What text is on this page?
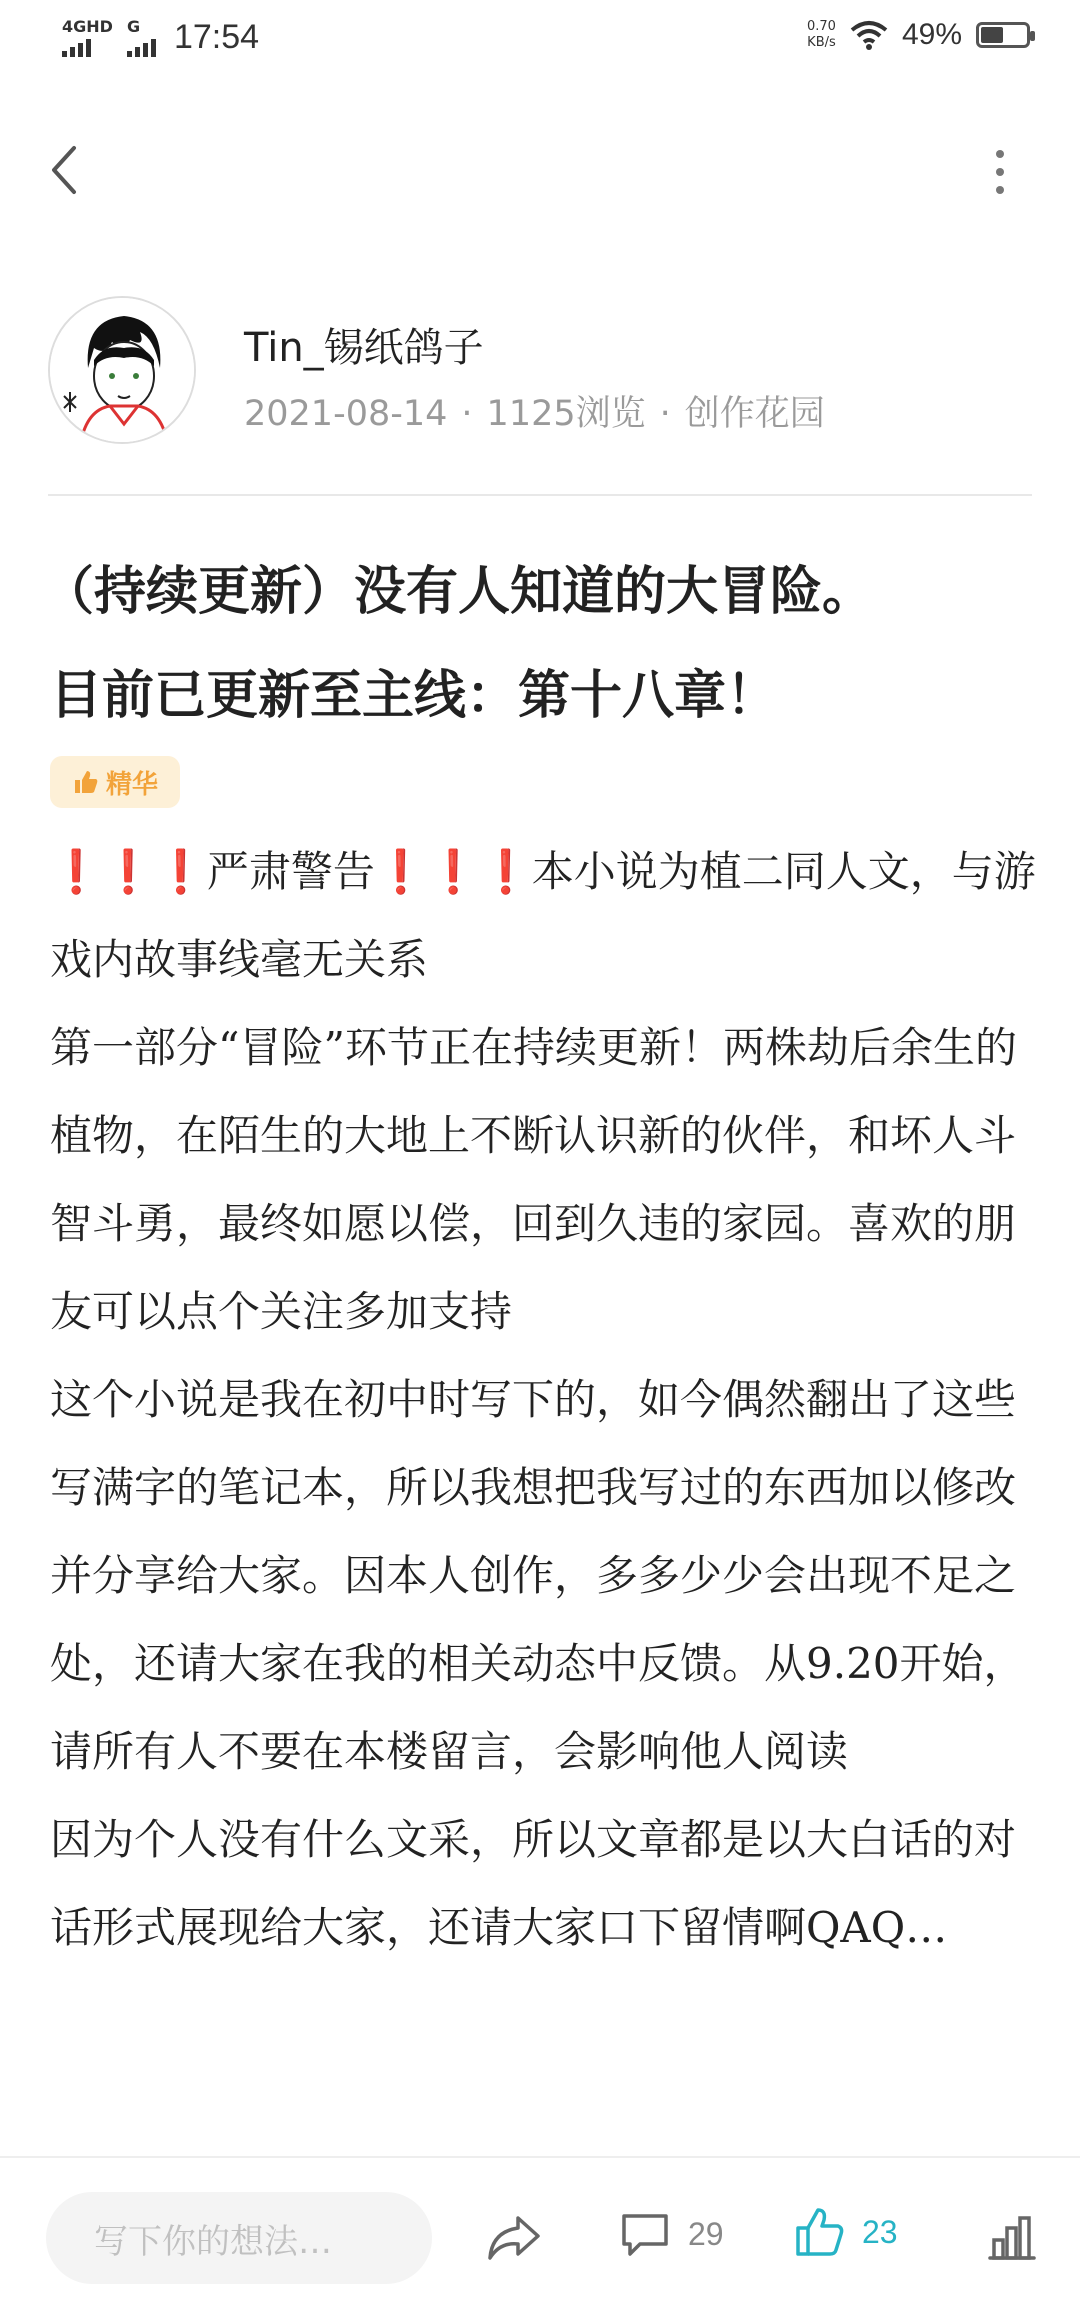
4GHD G 17:54	0.70
KB/s 49%
Tin_锡纸鸽子
2021-08-14 · 1125浏览 · 创作花园
（持续更新）没有人知道的大冒险。
目前已更新至主线：第十八章！
精华

❗❗❗严肃警告❗❗❗本小说为植二同人文，与游戏内故事线毫无关系

第一部分“冒险”环节正在持续更新！两株劫后余生的植物，在陌生的大地上不断认识新的伙伴，和坏人斗智斗勇，最终如愿以偿，回到久违的家园。喜欢的朋友可以点个关注多加支持

这个小说是我在初中时写下的，如今偶然翻出了这些写满字的笔记本，所以我想把我写过的东西加以修改并分享给大家。因本人创作，多多少少会出现不足之处，还请大家在我的相关动态中反馈。从9.20开始，请所有人不要在本楼留言，会影响他人阅读

因为个人没有什么文采，所以文章都是以大白话的对话形式展现给大家，还请大家口下留情啊QAQ…

写下你的想法…	29	23
